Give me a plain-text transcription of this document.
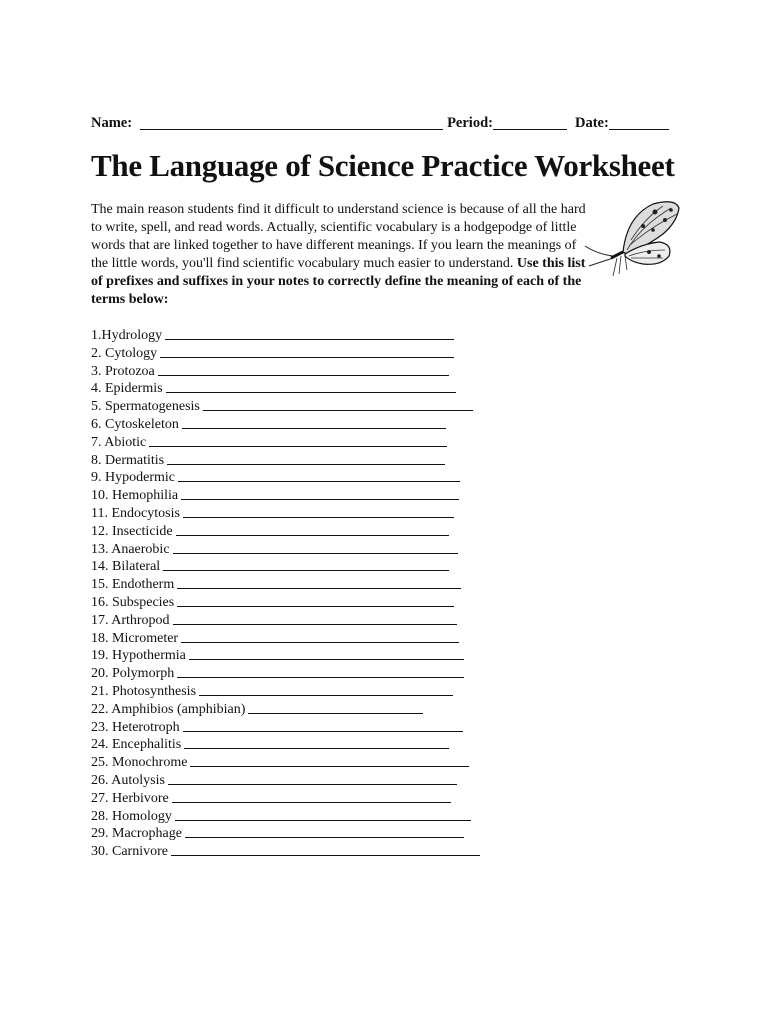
Name:	Period:	Date:
The Language of Science Practice Worksheet
The main reason students find it difficult to understand science is because of all the hard to write, spell, and read words. Actually, scientific vocabulary is a hodgepodge of little words that are linked together to have different meanings. If you learn the meanings of the little words, you'll find scientific vocabulary much easier to understand. Use this list of prefixes and suffixes in your notes to correctly define the meaning of each of the terms below:
1.Hydrology
2. Cytology
3. Protozoa
4. Epidermis
5. Spermatogenesis
6. Cytoskeleton
7. Abiotic
8. Dermatitis
9. Hypodermic
10. Hemophilia
11. Endocytosis
12. Insecticide
13. Anaerobic
14. Bilateral
15. Endotherm
16. Subspecies
17. Arthropod
18. Micrometer
19. Hypothermia
20. Polymorph
21. Photosynthesis
22. Amphibios (amphibian)
23. Heterotroph
24. Encephalitis
25. Monochrome
26. Autolysis
27. Herbivore
28. Homology
29. Macrophage
30. Carnivore
